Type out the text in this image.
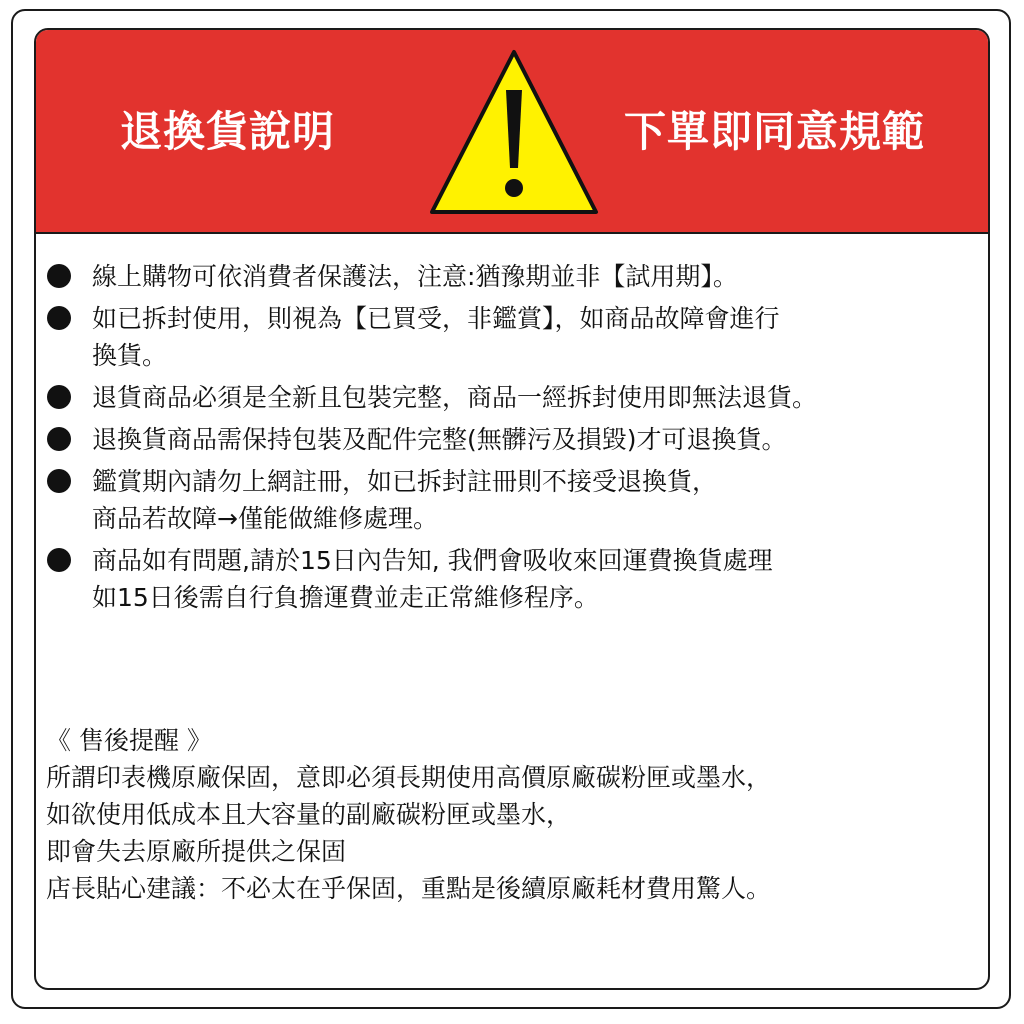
退換貨說明	下單即同意規範
線上購物可依消費者保護法，注意:猶豫期並非【試用期】。
如已拆封使用，則視為【已買受，非鑑賞】，如商品故障會進行
換貨。
退貨商品必須是全新且包裝完整，商品一經拆封使用即無法退貨。
退換貨商品需保持包裝及配件完整(無髒污及損毀)才可退換貨。
鑑賞期內請勿上網註冊，如已拆封註冊則不接受退換貨，
商品若故障→僅能做維修處理。
商品如有問題,請於15日內告知, 我們會吸收來回運費換貨處理
如15日後需自行負擔運費並走正常維修程序。
《 售後提醒 》
所謂印表機原廠保固，意即必須長期使用高價原廠碳粉匣或墨水，
如欲使用低成本且大容量的副廠碳粉匣或墨水，
即會失去原廠所提供之保固
店長貼心建議：不必太在乎保固，重點是後續原廠耗材費用驚人。
